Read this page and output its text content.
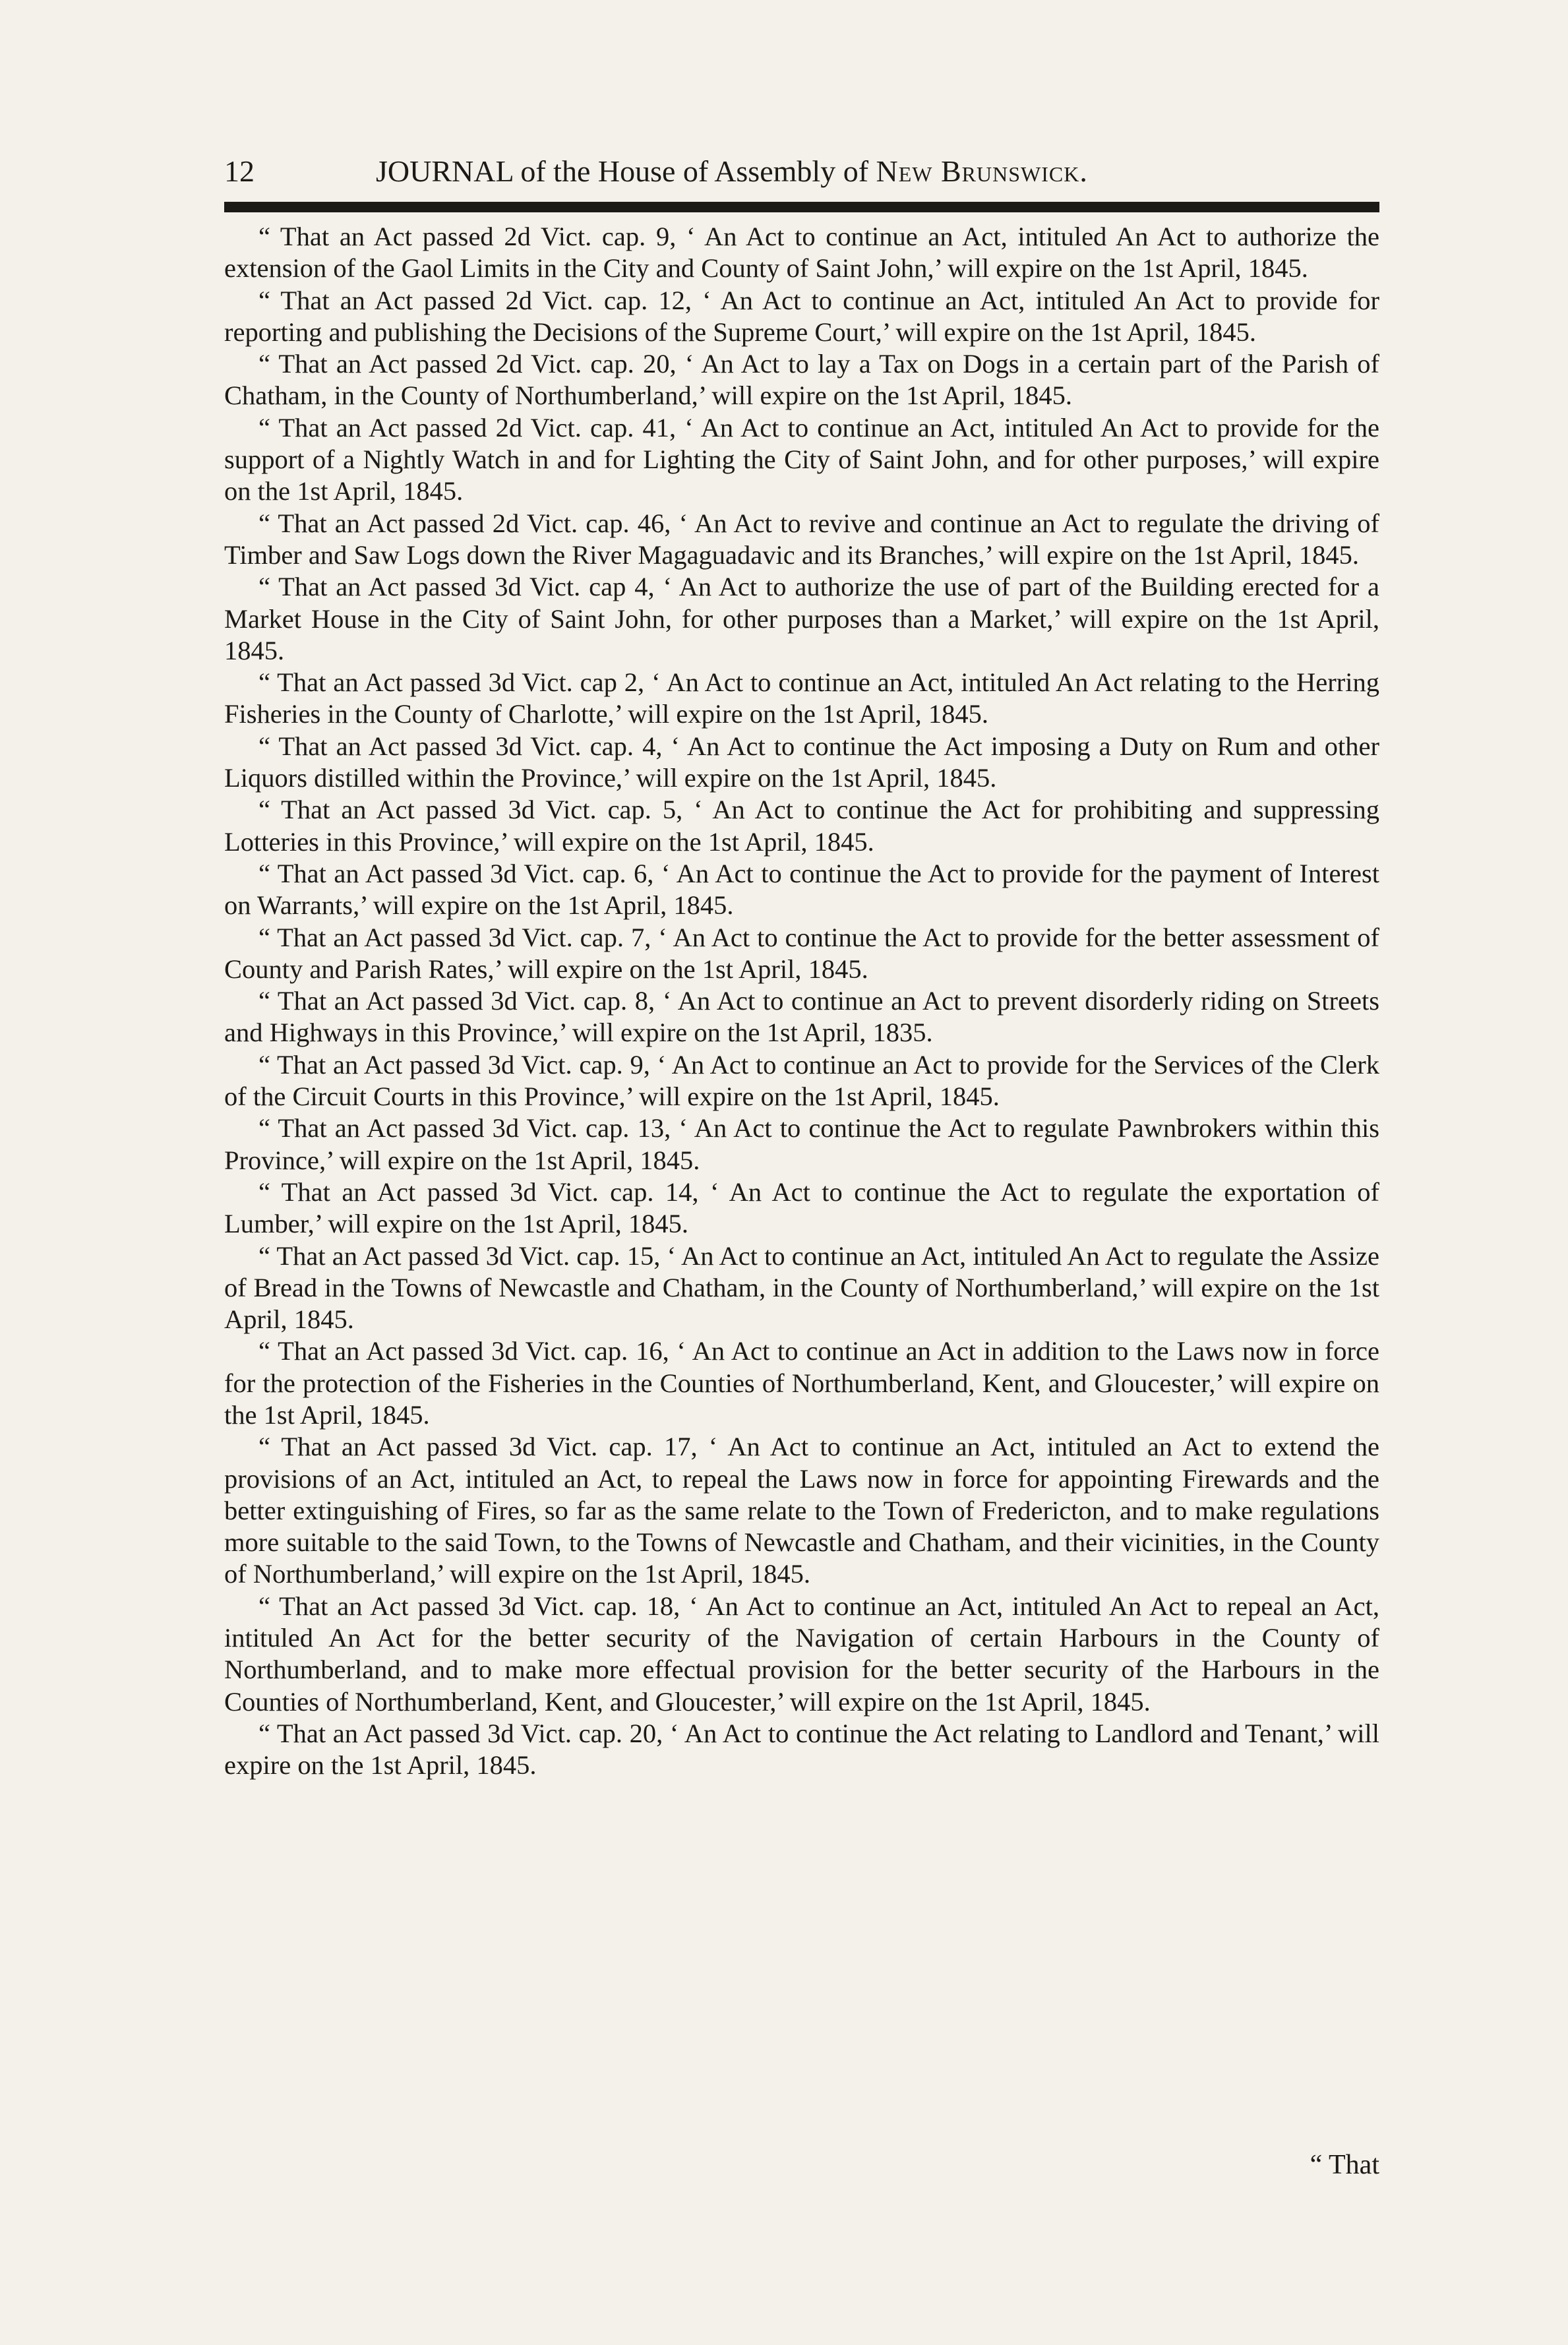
12	JOURNAL of the House of Assembly of New Brunswick.

“ That an Act passed 2d Vict. cap. 9, ‘ An Act to continue an Act, intituled An Act to authorize the extension of the Gaol Limits in the City and County of Saint John,’ will expire on the 1st April, 1845.

“ That an Act passed 2d Vict. cap. 12, ‘ An Act to continue an Act, intituled An Act to provide for reporting and publishing the Decisions of the Supreme Court,’ will expire on the 1st April, 1845.

“ That an Act passed 2d Vict. cap. 20, ‘ An Act to lay a Tax on Dogs in a certain part of the Parish of Chatham, in the County of Northumberland,’ will expire on the 1st April, 1845.

“ That an Act passed 2d Vict. cap. 41, ‘ An Act to continue an Act, intituled An Act to provide for the support of a Nightly Watch in and for Lighting the City of Saint John, and for other purposes,’ will expire on the 1st April, 1845.

“ That an Act passed 2d Vict. cap. 46, ‘ An Act to revive and continue an Act to regulate the driving of Timber and Saw Logs down the River Magaguadavic and its Branches,’ will expire on the 1st April, 1845.

“ That an Act passed 3d Vict. cap 4, ‘ An Act to authorize the use of part of the Building erected for a Market House in the City of Saint John, for other purposes than a Market,’ will expire on the 1st April, 1845.

“ That an Act passed 3d Vict. cap 2, ‘ An Act to continue an Act, intituled An Act relating to the Herring Fisheries in the County of Charlotte,’ will expire on the 1st April, 1845.

“ That an Act passed 3d Vict. cap. 4, ‘ An Act to continue the Act imposing a Duty on Rum and other Liquors distilled within the Province,’ will expire on the 1st April, 1845.

“ That an Act passed 3d Vict. cap. 5, ‘ An Act to continue the Act for prohibiting and suppressing Lotteries in this Province,’ will expire on the 1st April, 1845.

“ That an Act passed 3d Vict. cap. 6, ‘ An Act to continue the Act to provide for the payment of Interest on Warrants,’ will expire on the 1st April, 1845.

“ That an Act passed 3d Vict. cap. 7, ‘ An Act to continue the Act to provide for the better assessment of County and Parish Rates,’ will expire on the 1st April, 1845.

“ That an Act passed 3d Vict. cap. 8, ‘ An Act to continue an Act to prevent disorderly riding on Streets and Highways in this Province,’ will expire on the 1st April, 1835.

“ That an Act passed 3d Vict. cap. 9, ‘ An Act to continue an Act to provide for the Services of the Clerk of the Circuit Courts in this Province,’ will expire on the 1st April, 1845.

“ That an Act passed 3d Vict. cap. 13, ‘ An Act to continue the Act to regulate Pawnbrokers within this Province,’ will expire on the 1st April, 1845.

“ That an Act passed 3d Vict. cap. 14, ‘ An Act to continue the Act to regulate the exportation of Lumber,’ will expire on the 1st April, 1845.

“ That an Act passed 3d Vict. cap. 15, ‘ An Act to continue an Act, intituled An Act to regulate the Assize of Bread in the Towns of Newcastle and Chatham, in the County of Northumberland,’ will expire on the 1st April, 1845.

“ That an Act passed 3d Vict. cap. 16, ‘ An Act to continue an Act in addition to the Laws now in force for the protection of the Fisheries in the Counties of Northumberland, Kent, and Gloucester,’ will expire on the 1st April, 1845.

“ That an Act passed 3d Vict. cap. 17, ‘ An Act to continue an Act, intituled an Act to extend the provisions of an Act, intituled an Act, to repeal the Laws now in force for appointing Firewards and the better extinguishing of Fires, so far as the same relate to the Town of Fredericton, and to make regulations more suitable to the said Town, to the Towns of Newcastle and Chatham, and their vicinities, in the County of Northumberland,’ will expire on the 1st April, 1845.

“ That an Act passed 3d Vict. cap. 18, ‘ An Act to continue an Act, intituled An Act to repeal an Act, intituled An Act for the better security of the Navigation of certain Harbours in the County of Northumberland, and to make more effectual provision for the better security of the Harbours in the Counties of Northumberland, Kent, and Gloucester,’ will expire on the 1st April, 1845.

“ That an Act passed 3d Vict. cap. 20, ‘ An Act to continue the Act relating to Landlord and Tenant,’ will expire on the 1st April, 1845.

“ That
